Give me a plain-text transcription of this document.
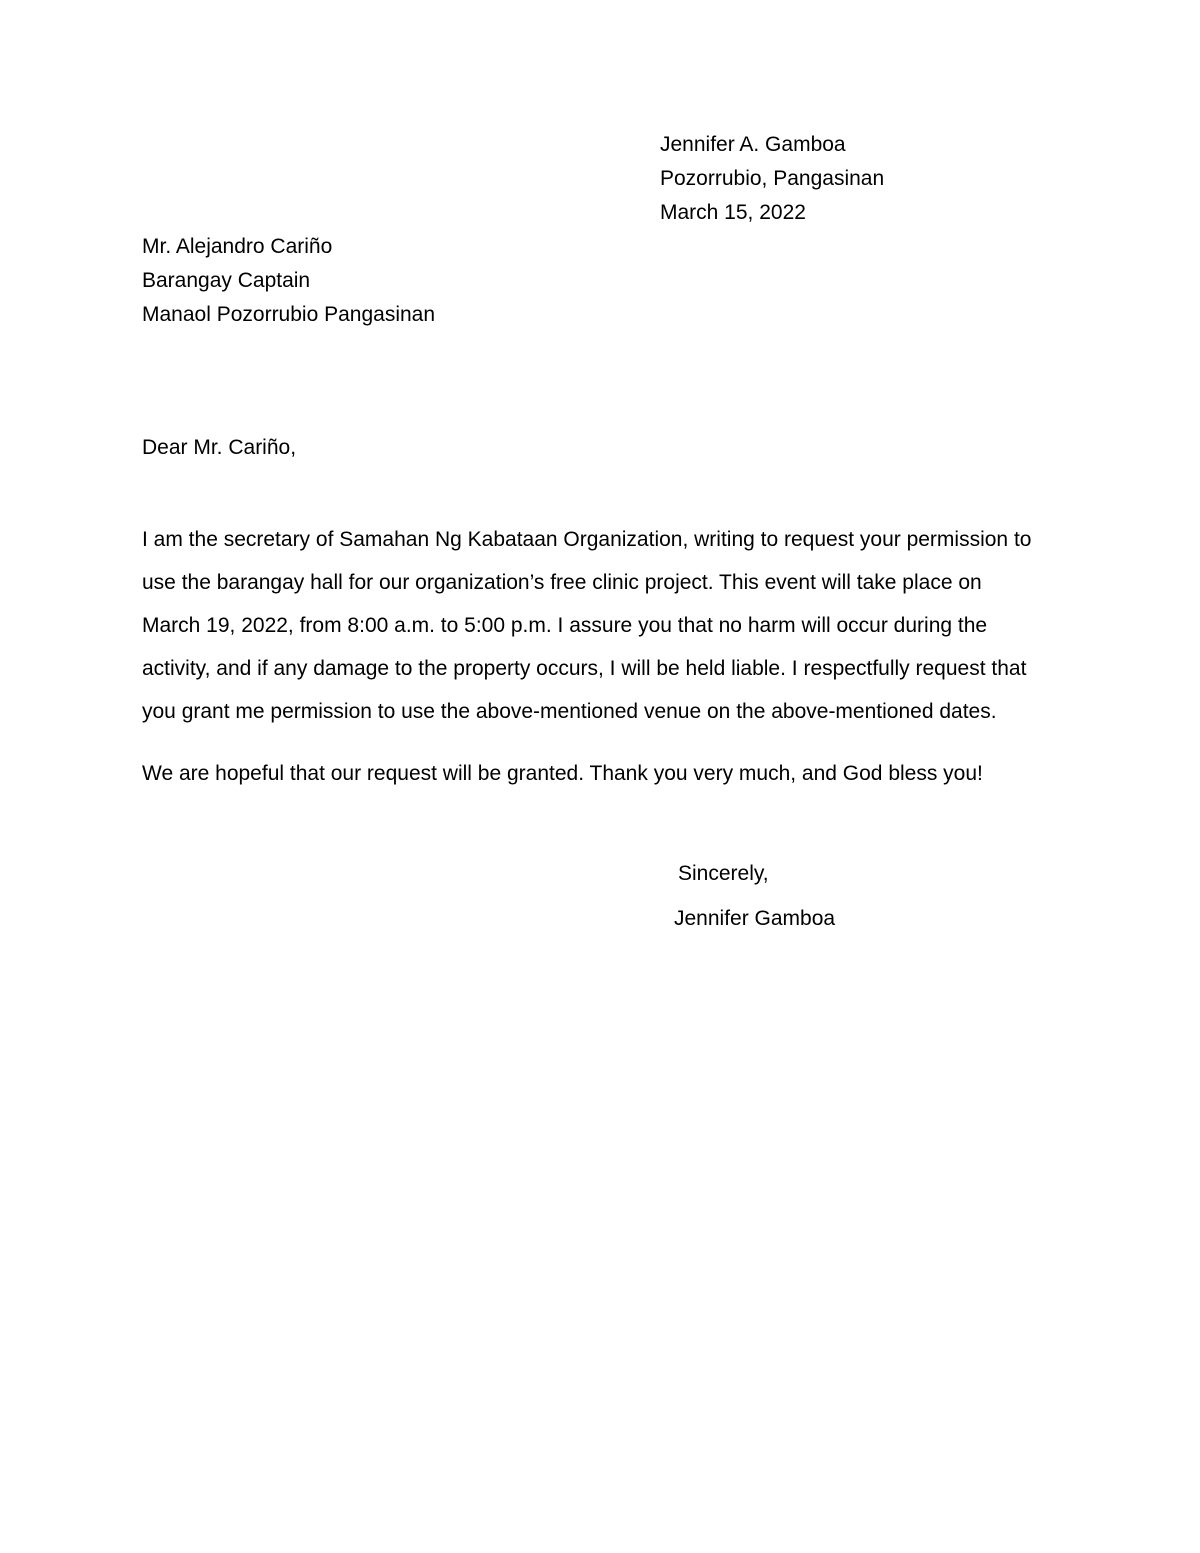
Jennifer A. Gamboa
Pozorrubio, Pangasinan
March 15, 2022
Mr. Alejandro Cariño
Barangay Captain
Manaol Pozorrubio Pangasinan
Dear Mr. Cariño,
I am the secretary of Samahan Ng Kabataan Organization, writing to request your permission to
use the barangay hall for our organization’s free clinic project. This event will take place on
March 19, 2022, from 8:00 a.m. to 5:00 p.m. I assure you that no harm will occur during the
activity, and if any damage to the property occurs, I will be held liable. I respectfully request that
you grant me permission to use the above-mentioned venue on the above-mentioned dates.
We are hopeful that our request will be granted. Thank you very much, and God bless you!
Sincerely,
Jennifer Gamboa
